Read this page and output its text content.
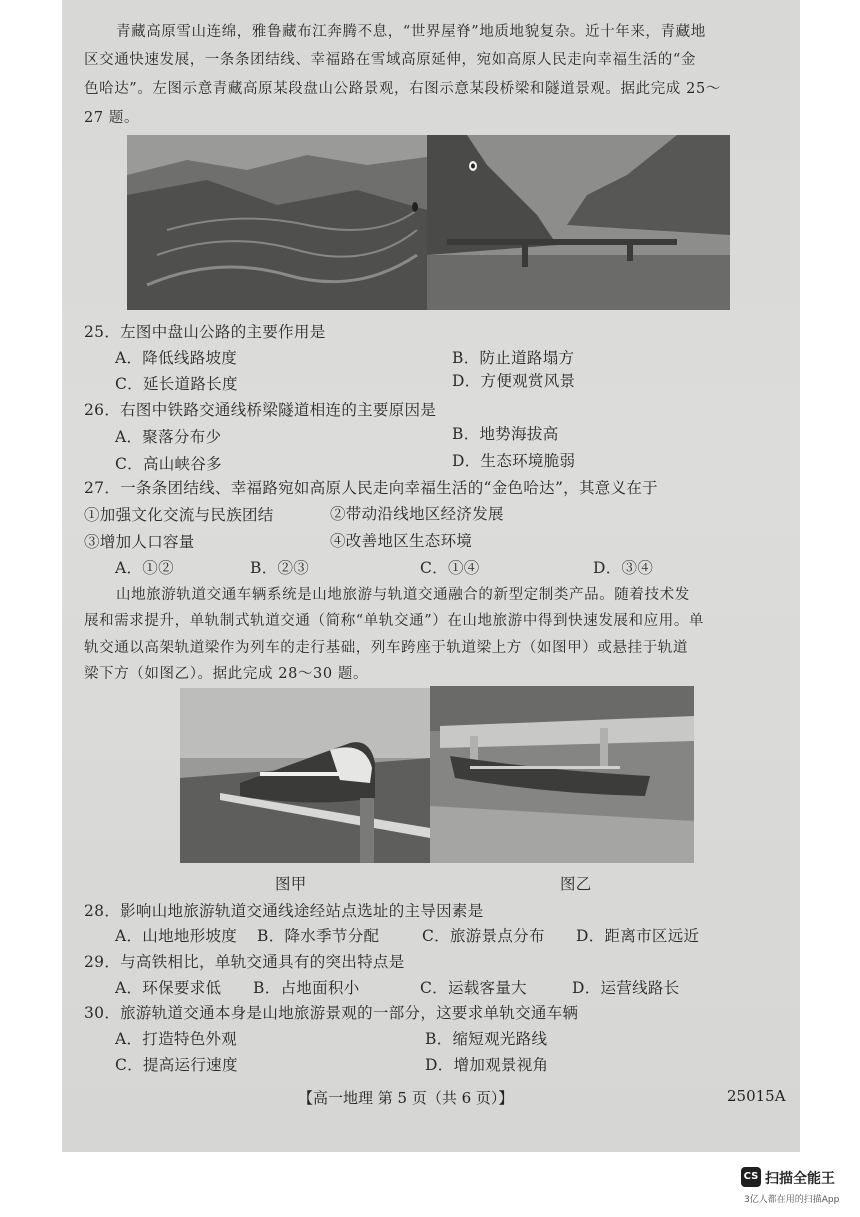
青藏高原雪山连绵，雅鲁藏布江奔腾不息，“世界屋脊”地质地貌复杂。近十年来，青藏地
区交通快速发展，一条条团结线、幸福路在雪域高原延伸，宛如高原人民走向幸福生活的“金
色哈达”。左图示意青藏高原某段盘山公路景观，右图示意某段桥梁和隧道景观。据此完成 25～
27 题。
25．左图中盘山公路的主要作用是
A．降低线路坡度	B．防止道路塌方
C．延长道路长度	D．方便观赏风景
26．右图中铁路交通线桥梁隧道相连的主要原因是
A．聚落分布少	B．地势海拔高
C．高山峡谷多	D．生态环境脆弱
27．一条条团结线、幸福路宛如高原人民走向幸福生活的“金色哈达”，其意义在于
①加强文化交流与民族团结	②带动沿线地区经济发展
③增加人口容量	④改善地区生态环境
A．①②	B．②③	C．①④	D．③④
山地旅游轨道交通车辆系统是山地旅游与轨道交通融合的新型定制类产品。随着技术发
展和需求提升，单轨制式轨道交通（简称“单轨交通”）在山地旅游中得到快速发展和应用。单
轨交通以高架轨道梁作为列车的走行基础，列车跨座于轨道梁上方（如图甲）或悬挂于轨道
梁下方（如图乙）。据此完成 28～30 题。
图甲	图乙
28．影响山地旅游轨道交通线途经站点选址的主导因素是
A．山地地形坡度 B．降水季节分配	C．旅游景点分布 D．距离市区远近
29．与高铁相比，单轨交通具有的突出特点是
A．环保要求低 B．占地面积小	C．运载客量大	D．运营线路长
30．旅游轨道交通本身是山地旅游景观的一部分，这要求单轨交通车辆
A．打造特色外观	B．缩短观光路线
C．提高运行速度	D．增加观景视角
【高一地理 第 5 页（共 6 页）】	25015A
CS 扫描全能王
3亿人都在用的扫描App
